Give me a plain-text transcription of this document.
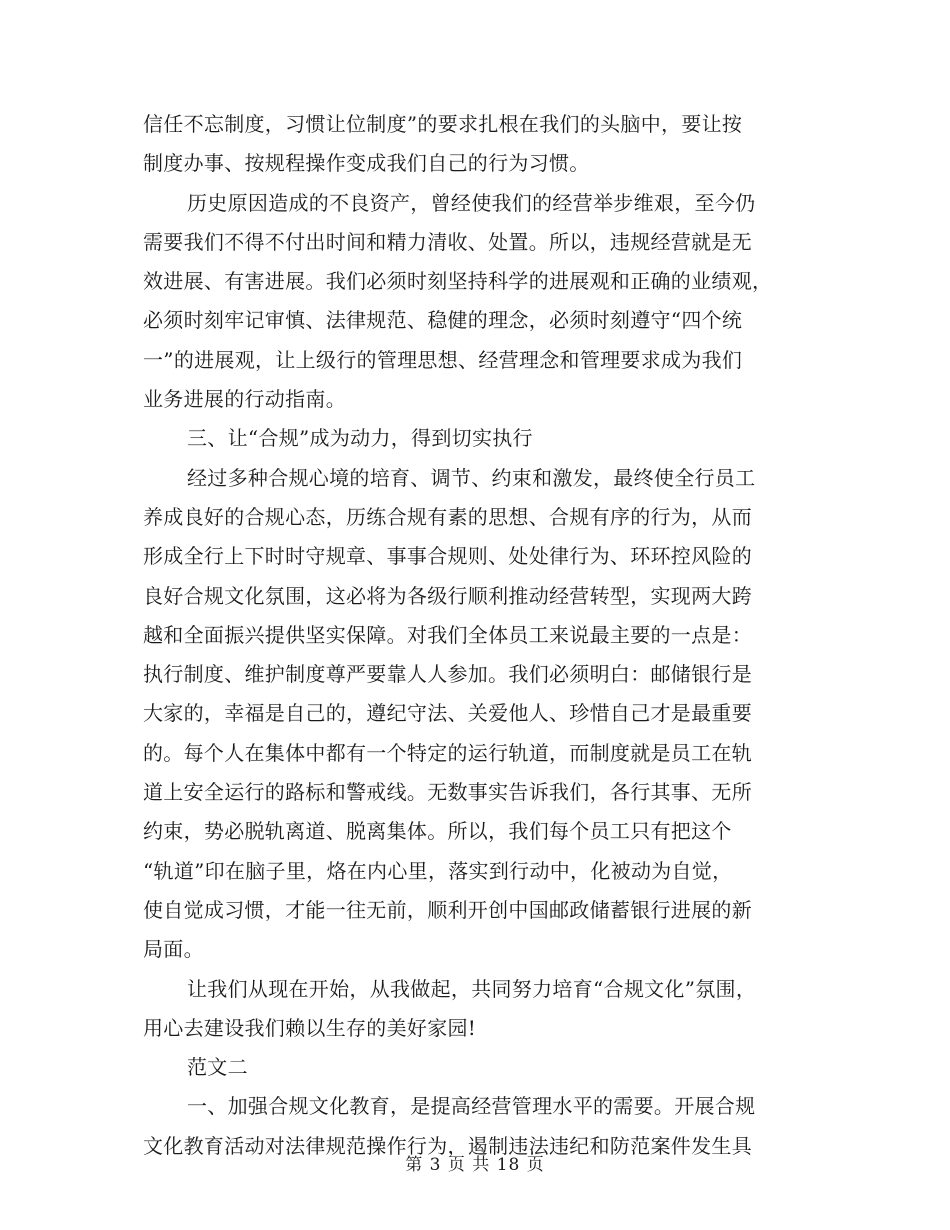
信任不忘制度，习惯让位制度”的要求扎根在我们的头脑中，要让按
制度办事、按规程操作变成我们自己的行为习惯。
历史原因造成的不良资产，曾经使我们的经营举步维艰，至今仍
需要我们不得不付出时间和精力清收、处置。所以，违规经营就是无
效进展、有害进展。我们必须时刻坚持科学的进展观和正确的业绩观，
必须时刻牢记审慎、法律规范、稳健的理念，必须时刻遵守“四个统
一”的进展观，让上级行的管理思想、经营理念和管理要求成为我们
业务进展的行动指南。
三、让“合规”成为动力，得到切实执行
经过多种合规心境的培育、调节、约束和激发，最终使全行员工
养成良好的合规心态，历练合规有素的思想、合规有序的行为，从而
形成全行上下时时守规章、事事合规则、处处律行为、环环控风险的
良好合规文化氛围，这必将为各级行顺利推动经营转型，实现两大跨
越和全面振兴提供坚实保障。对我们全体员工来说最主要的一点是：
执行制度、维护制度尊严要靠人人参加。我们必须明白：邮储银行是
大家的，幸福是自己的，遵纪守法、关爱他人、珍惜自己才是最重要
的。每个人在集体中都有一个特定的运行轨道，而制度就是员工在轨
道上安全运行的路标和警戒线。无数事实告诉我们，各行其事、无所
约束，势必脱轨离道、脱离集体。所以，我们每个员工只有把这个
“轨道”印在脑子里，烙在内心里，落实到行动中，化被动为自觉，
使自觉成习惯，才能一往无前，顺利开创中国邮政储蓄银行进展的新
局面。
让我们从现在开始，从我做起，共同努力培育“合规文化”氛围，
用心去建设我们赖以生存的美好家园!
范文二
一、加强合规文化教育，是提高经营管理水平的需要。开展合规
文化教育活动对法律规范操作行为，遏制违法违纪和防范案件发生具
第 3 页 共 18 页
